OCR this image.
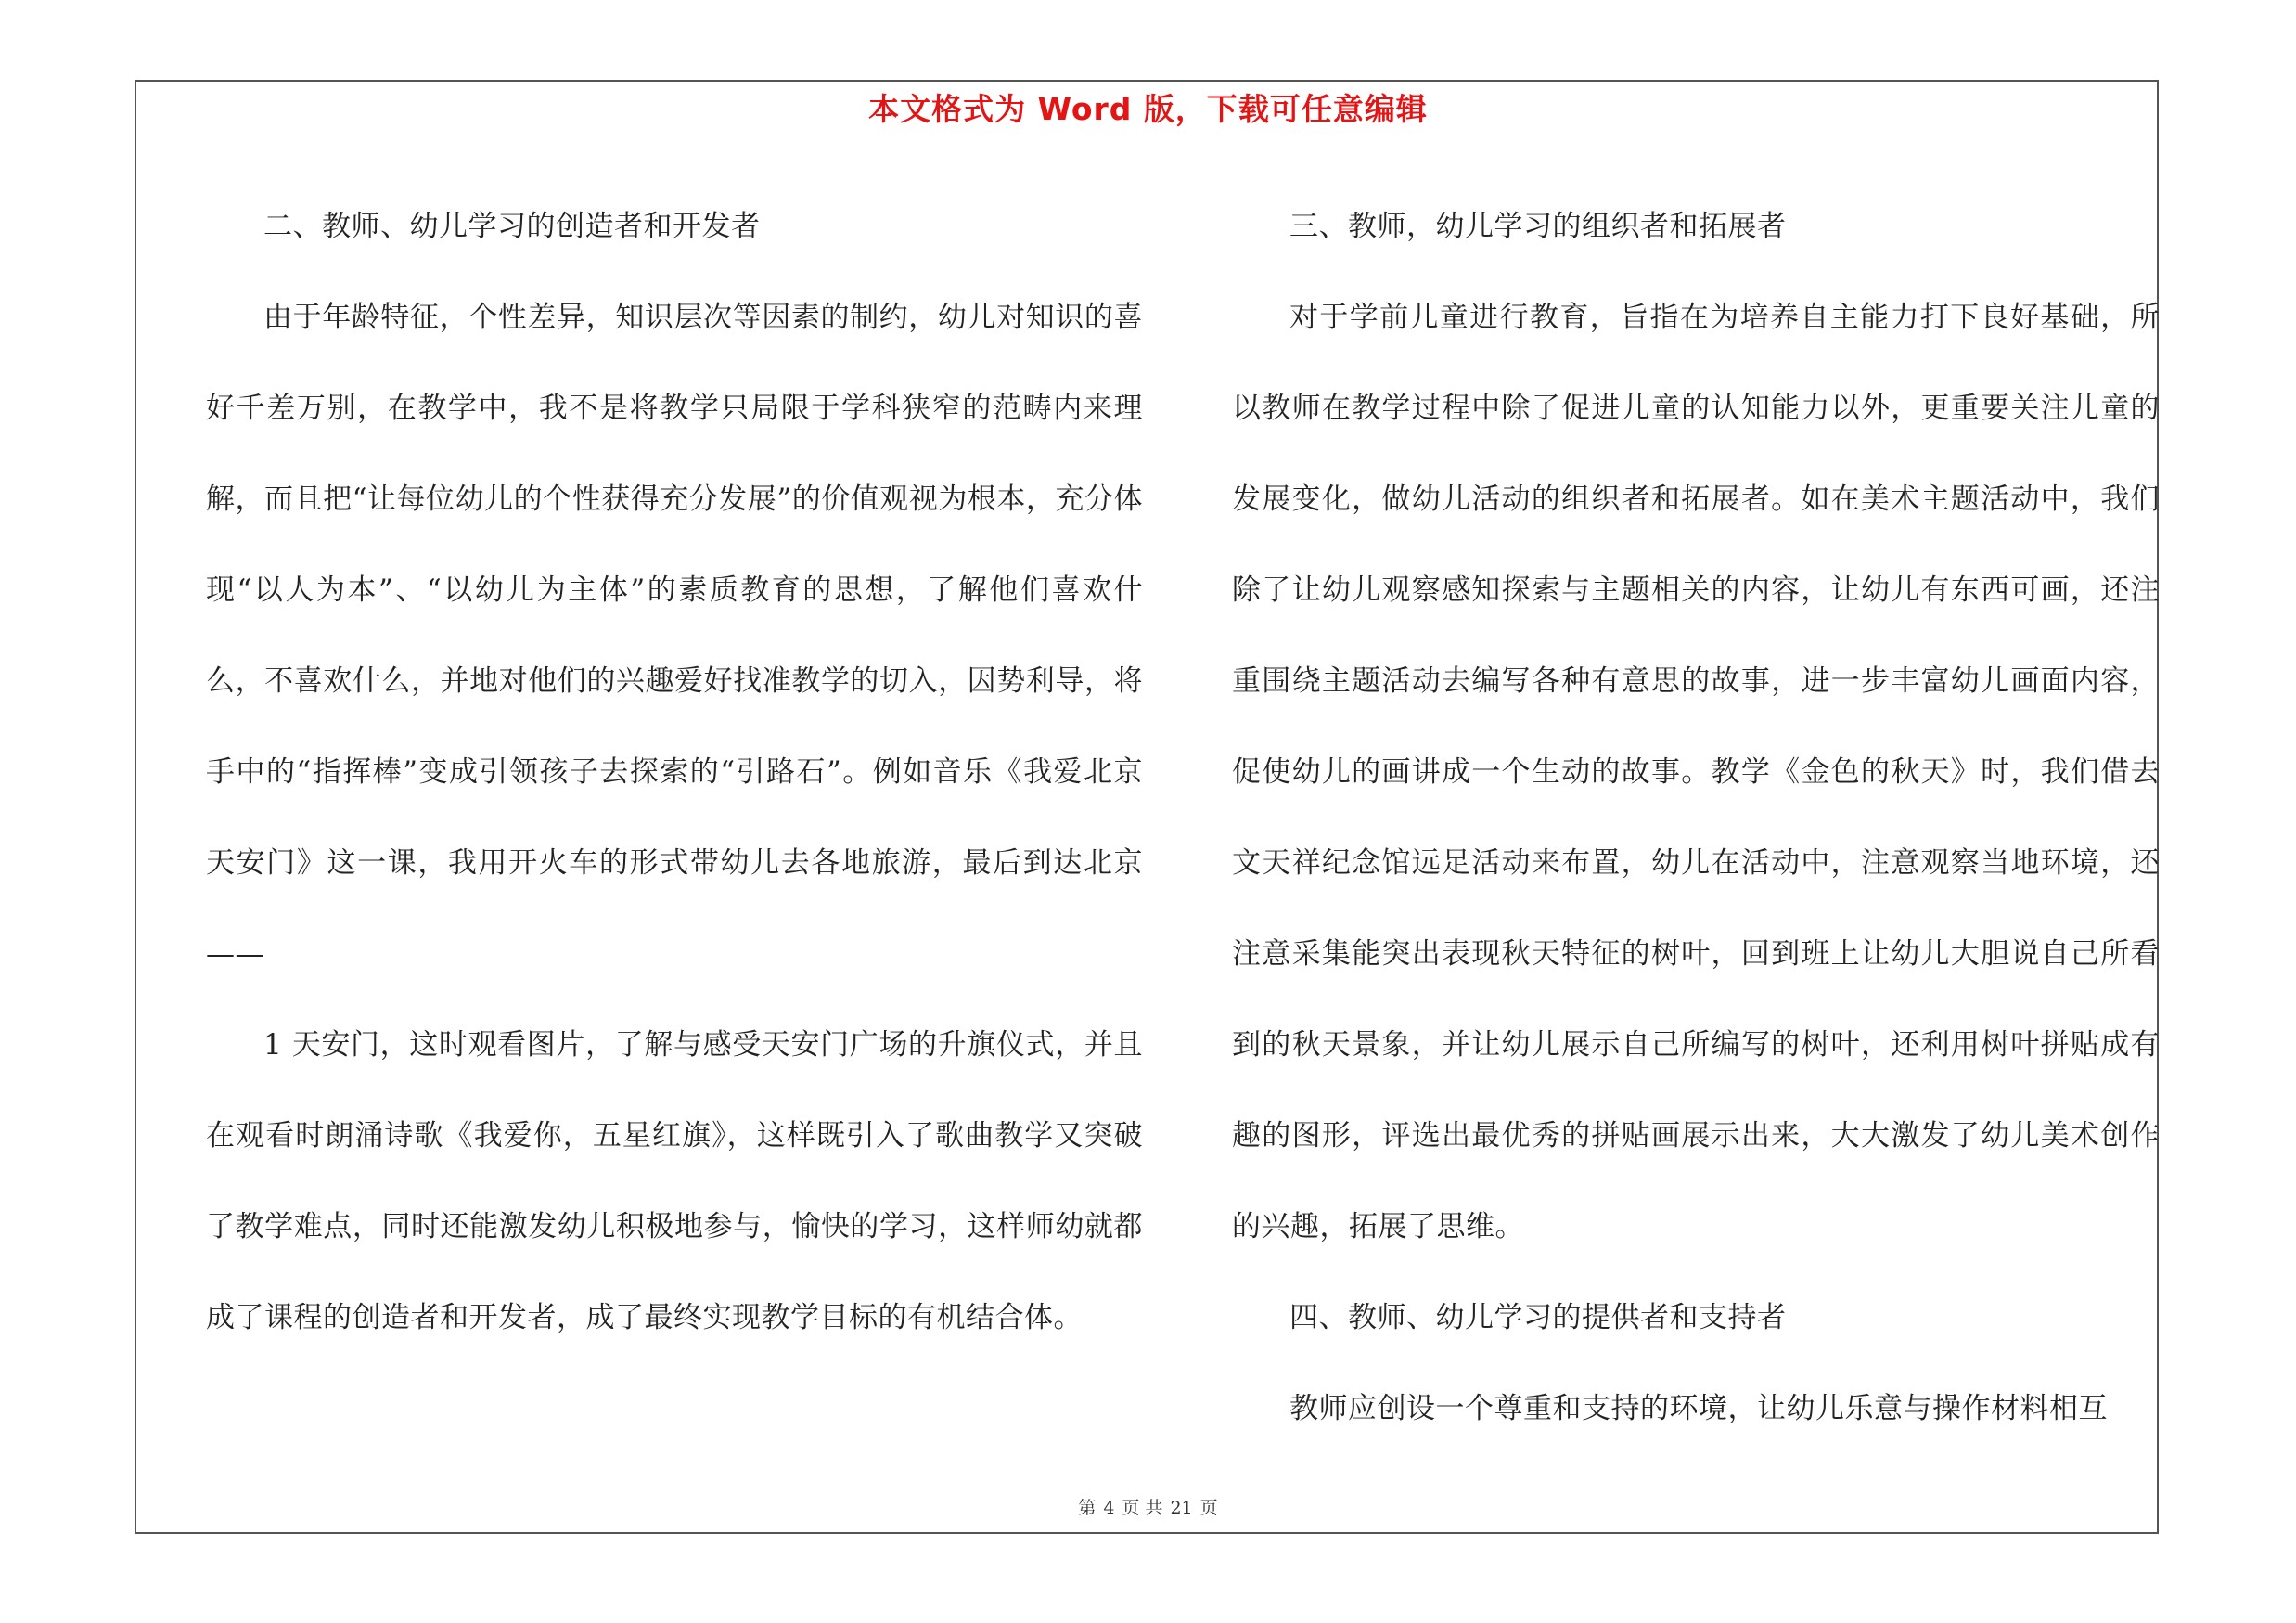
本文格式为 Word 版，下载可任意编辑

二、教师、幼儿学习的创造者和开发者

由于年龄特征，个性差异，知识层次等因素的制约，幼儿对知识的喜好千差万别，在教学中，我不是将教学只局限于学科狭窄的范畴内来理解，而且把“让每位幼儿的个性获得充分发展”的价值观视为根本，充分体现“以人为本”、“以幼儿为主体”的素质教育的思想，了解他们喜欢什么，不喜欢什么，并地对他们的兴趣爱好找准教学的切入，因势利导，将手中的“指挥棒”变成引领孩子去探索的“引路石”。例如音乐《我爱北京天安门》这一课，我用开火车的形式带幼儿去各地旅游，最后到达北京——

1 天安门，这时观看图片，了解与感受天安门广场的升旗仪式，并且在观看时朗涌诗歌《我爱你，五星红旗》，这样既引入了歌曲教学又突破了教学难点，同时还能激发幼儿积极地参与，愉快的学习，这样师幼就都成了课程的创造者和开发者，成了最终实现教学目标的有机结合体。

三、教师，幼儿学习的组织者和拓展者

对于学前儿童进行教育，旨指在为培养自主能力打下良好基础，所以教师在教学过程中除了促进儿童的认知能力以外，更重要关注儿童的发展变化，做幼儿活动的组织者和拓展者。如在美术主题活动中，我们除了让幼儿观察感知探索与主题相关的内容，让幼儿有东西可画，还注重围绕主题活动去编写各种有意思的故事，进一步丰富幼儿画面内容，促使幼儿的画讲成一个生动的故事。教学《金色的秋天》时，我们借去文天祥纪念馆远足活动来布置，幼儿在活动中，注意观察当地环境，还注意采集能突出表现秋天特征的树叶，回到班上让幼儿大胆说自己所看到的秋天景象，并让幼儿展示自己所编写的树叶，还利用树叶拼贴成有趣的图形，评选出最优秀的拼贴画展示出来，大大激发了幼儿美术创作的兴趣，拓展了思维。

四、教师、幼儿学习的提供者和支持者

教师应创设一个尊重和支持的环境，让幼儿乐意与操作材料相互

第 4 页 共 21 页
